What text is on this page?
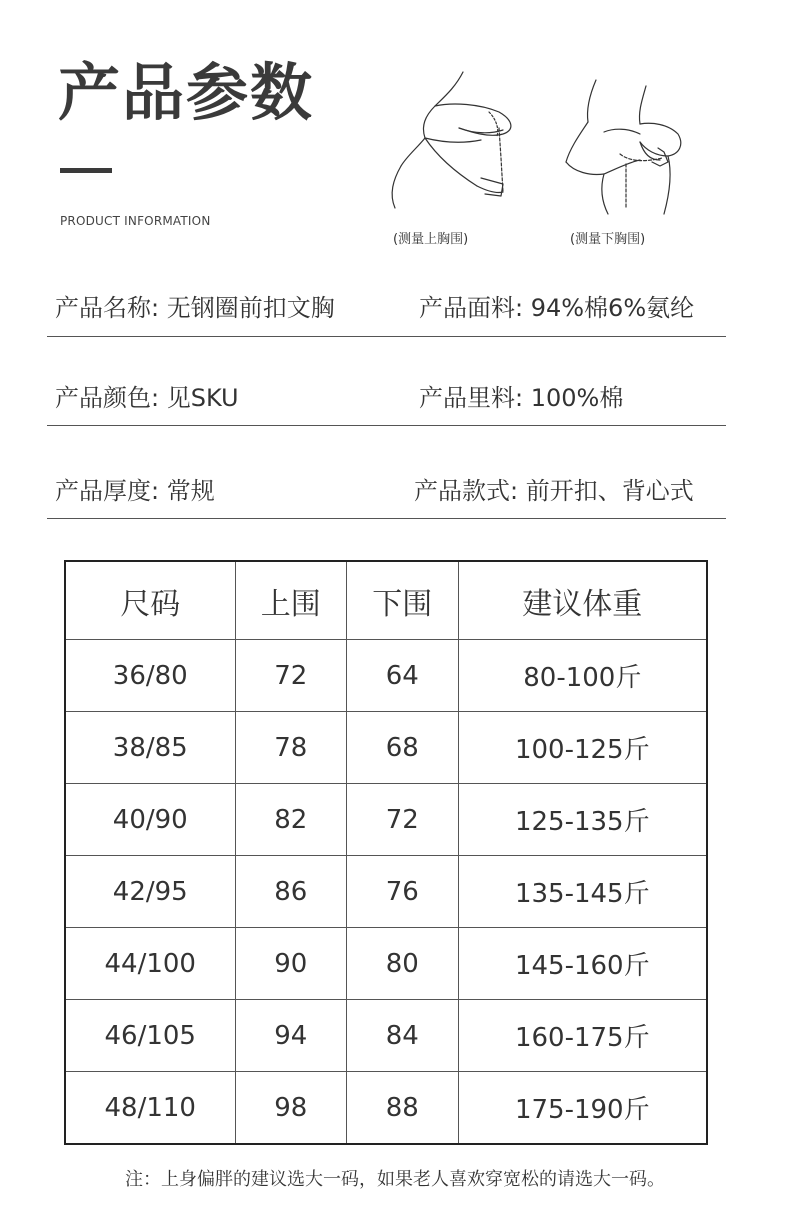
产品参数
PRODUCT INFORMATION
(测量上胸围)	(测量下胸围)
产品名称: 无钢圈前扣文胸	产品面料: 94%棉6%氨纶
产品颜色: 见SKU	产品里料: 100%棉
产品厚度: 常规	产品款式: 前开扣、背心式
尺码	上围	下围	建议体重
36/80	72	64	80-100斤
38/85	78	68	100-125斤
40/90	82	72	125-135斤
42/95	86	76	135-145斤
44/100	90	80	145-160斤
46/105	94	84	160-175斤
48/110	98	88	175-190斤
注：上身偏胖的建议选大一码，如果老人喜欢穿宽松的请选大一码。
